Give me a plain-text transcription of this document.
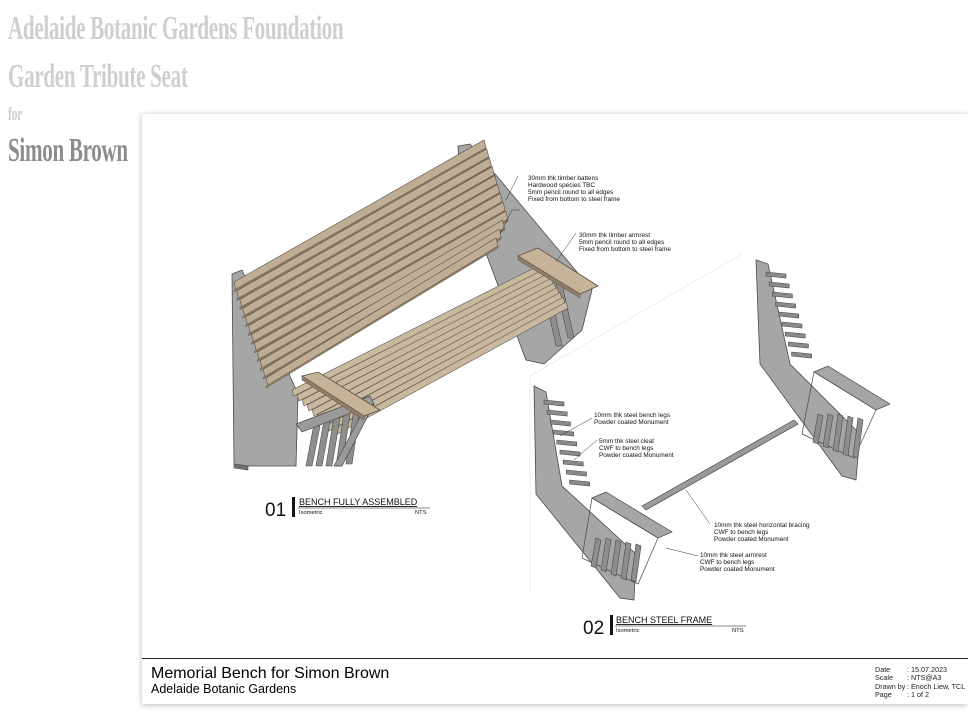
Adelaide Botanic Gardens Foundation
Garden Tribute Seat
for
Simon Brown
30mm thk timber battens
Hardwood species TBC
5mm pencil round to all edges
Fixed from bottom to steel frame
30mm thk timber armrest
5mm pencil round to all edges
Fixed from bottom to steel frame
01 BENCH FULLY ASSEMBLED
Isometric	NTS
10mm thk steel bench legs
Powder coated Monument
5mm thk steel cleat
CWF to bench legs
Powder coated Monument
10mm thk steel horizontal bracing
CWF to bench legs
Powder coated Monument
10mm thk steel armrest
CWF to bench legs
Powder coated Monument
02 BENCH STEEL FRAME
Isometric	NTS
Memorial Bench for Simon Brown
Adelaide Botanic Gardens
Date : 15.07.2023
Scale : NTS@A3
Drawn by : Enoch Liew, TCL
Page : 1 of 2
